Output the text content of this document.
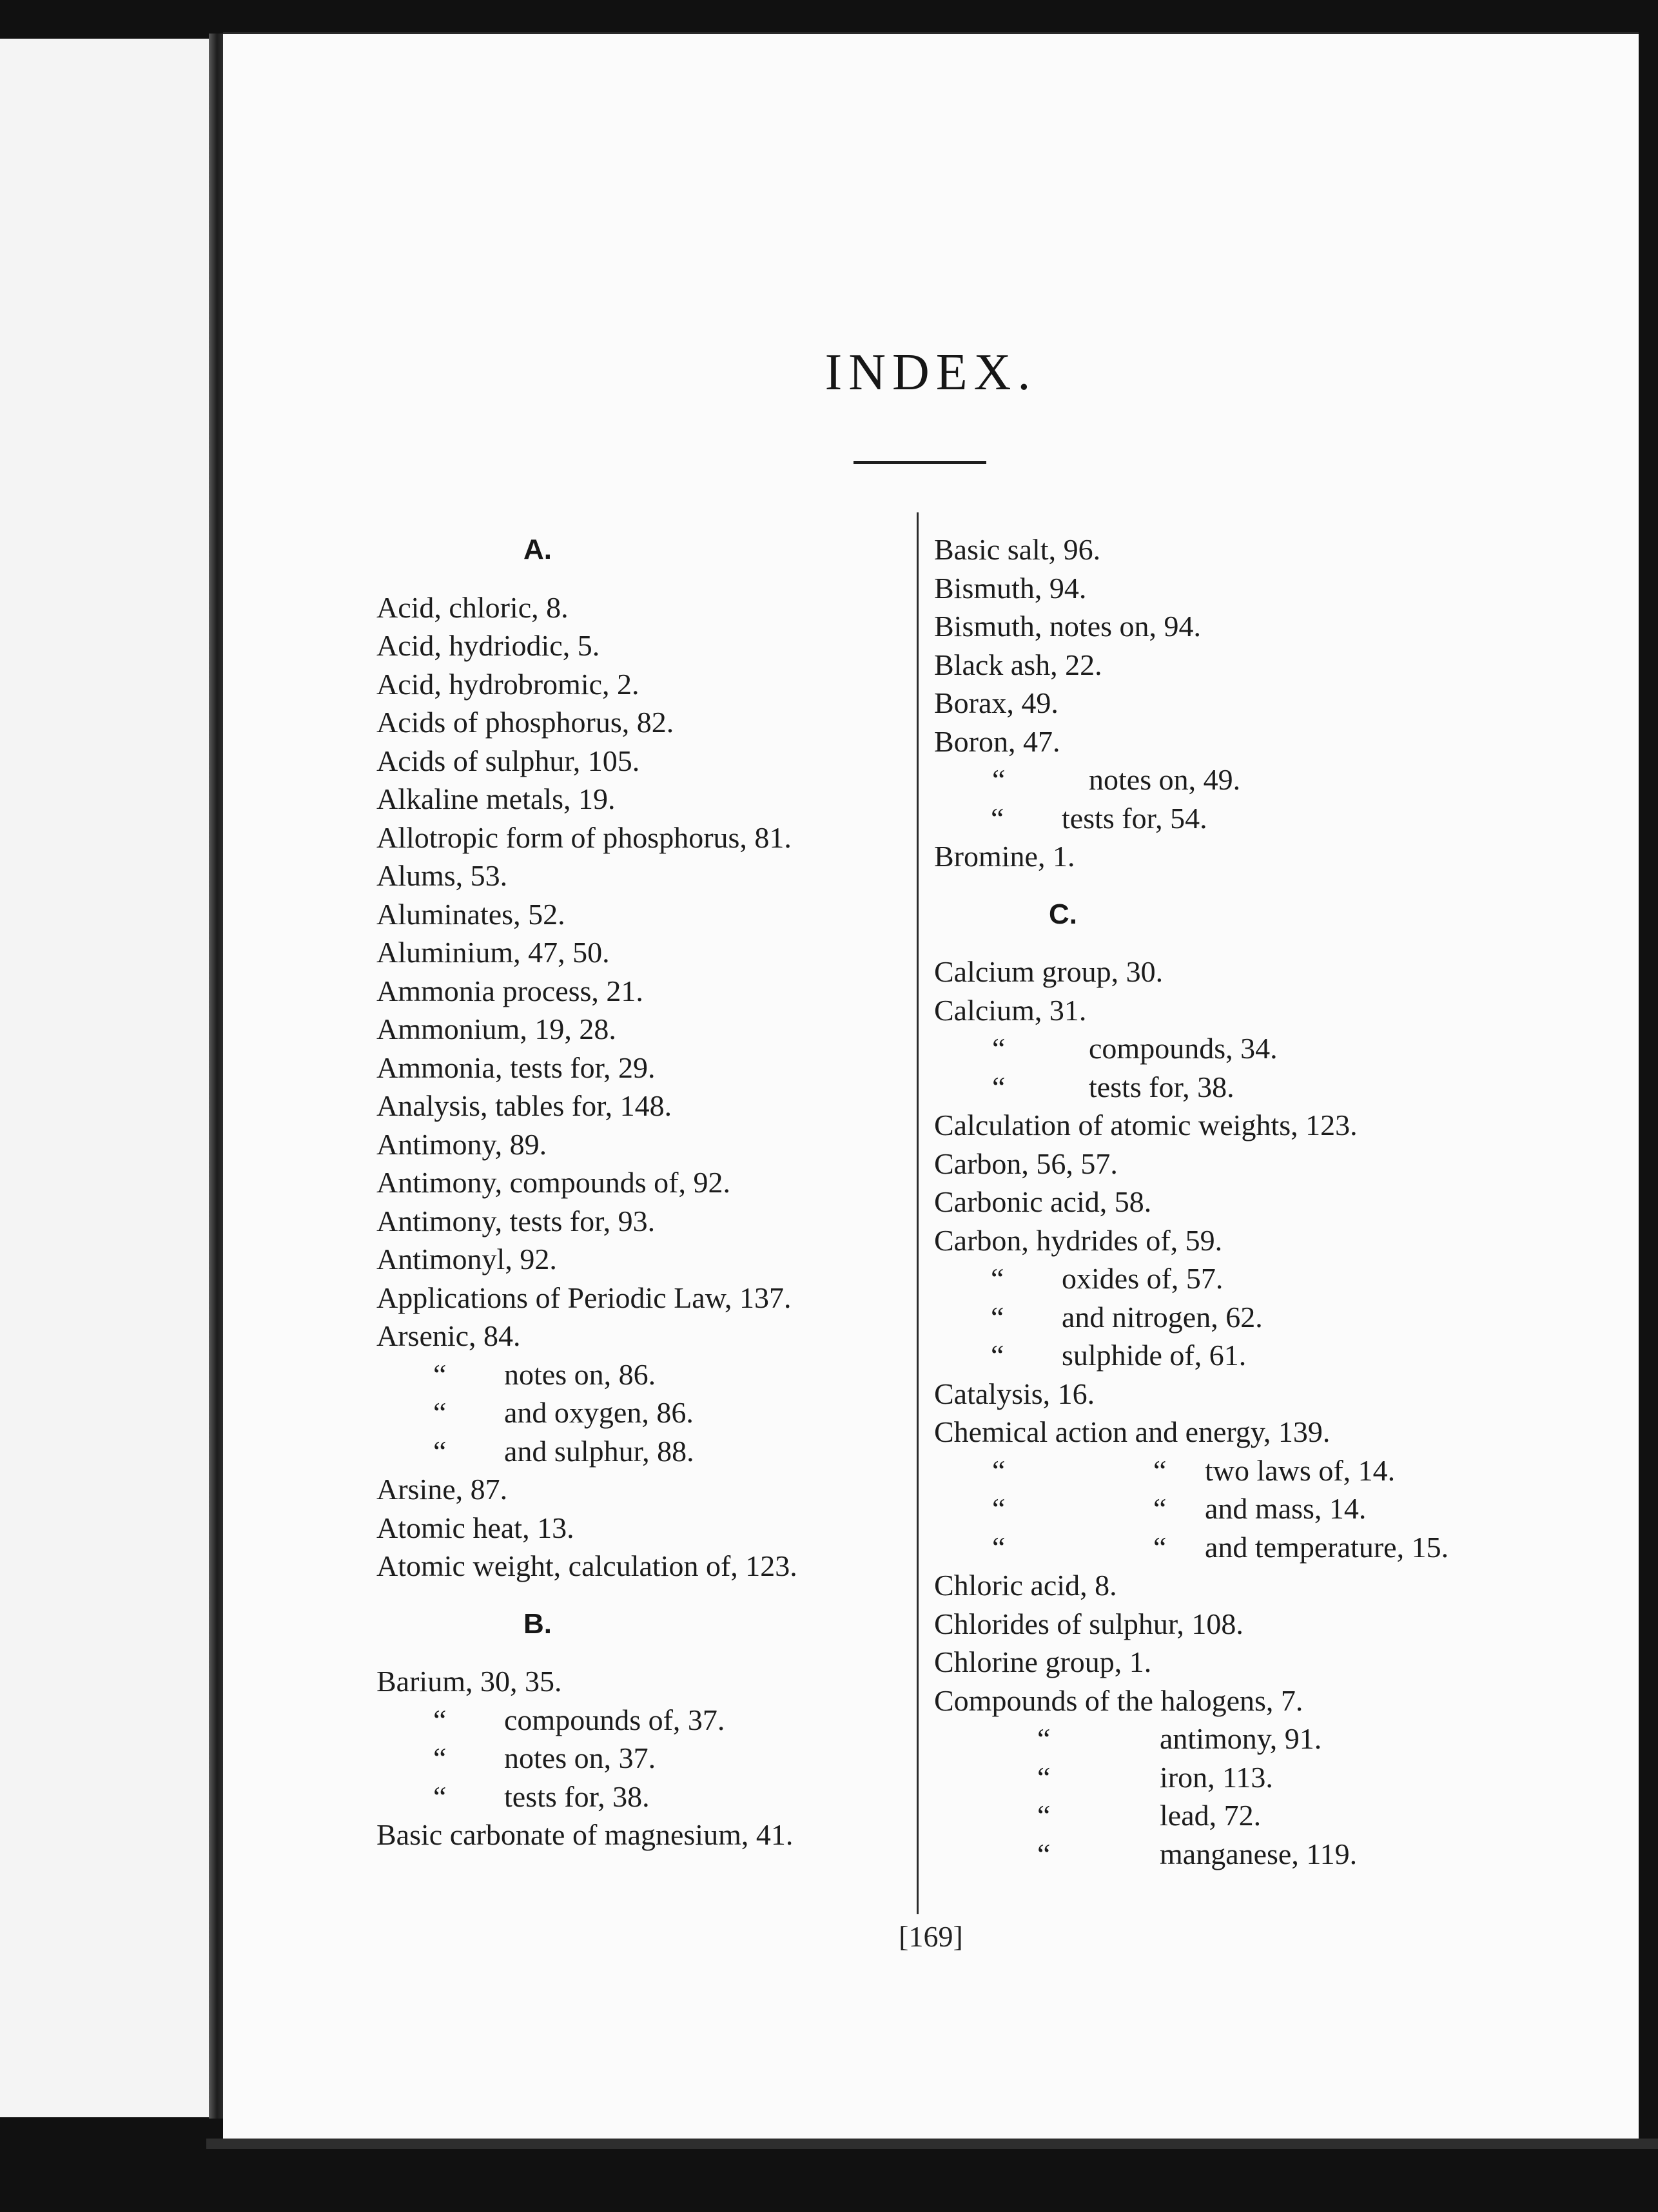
INDEX.
A.
Acid, chloric, 8.
Acid, hydriodic, 5.
Acid, hydrobromic, 2.
Acids of phosphorus, 82.
Acids of sulphur, 105.
Alkaline metals, 19.
Allotropic form of phosphorus, 81.
Alums, 53.
Aluminates, 52.
Aluminium, 47, 50.
Ammonia process, 21.
Ammonium, 19, 28.
Ammonia, tests for, 29.
Analysis, tables for, 148.
Antimony, 89.
Antimony, compounds of, 92.
Antimony, tests for, 93.
Antimonyl, 92.
Applications of Periodic Law, 137.
Arsenic, 84.
“ notes on, 86.
“ and oxygen, 86.
“ and sulphur, 88.
Arsine, 87.
Atomic heat, 13.
Atomic weight, calculation of, 123.
B.
Barium, 30, 35.
“ compounds of, 37.
“ notes on, 37.
“ tests for, 38.
Basic carbonate of magnesium, 41.
Basic salt, 96.
Bismuth, 94.
Bismuth, notes on, 94.
Black ash, 22.
Borax, 49.
Boron, 47.
“	notes on, 49.
“ tests for, 54.
Bromine, 1.
C.
Calcium group, 30.
Calcium, 31.
“	compounds, 34.
“	tests for, 38.
Calculation of atomic weights, 123.
Carbon, 56, 57.
Carbonic acid, 58.
Carbon, hydrides of, 59.
“ oxides of, 57.
“ and nitrogen, 62.
“ sulphide of, 61.
Catalysis, 16.
Chemical action and energy, 139.
“	“ two laws of, 14.
“	“ and mass, 14.
“	“ and temperature, 15.
Chloric acid, 8.
Chlorides of sulphur, 108.
Chlorine group, 1.
Compounds of the halogens, 7.
“	antimony, 91.
“	iron, 113.
“	lead, 72.
“	manganese, 119.
[169]
